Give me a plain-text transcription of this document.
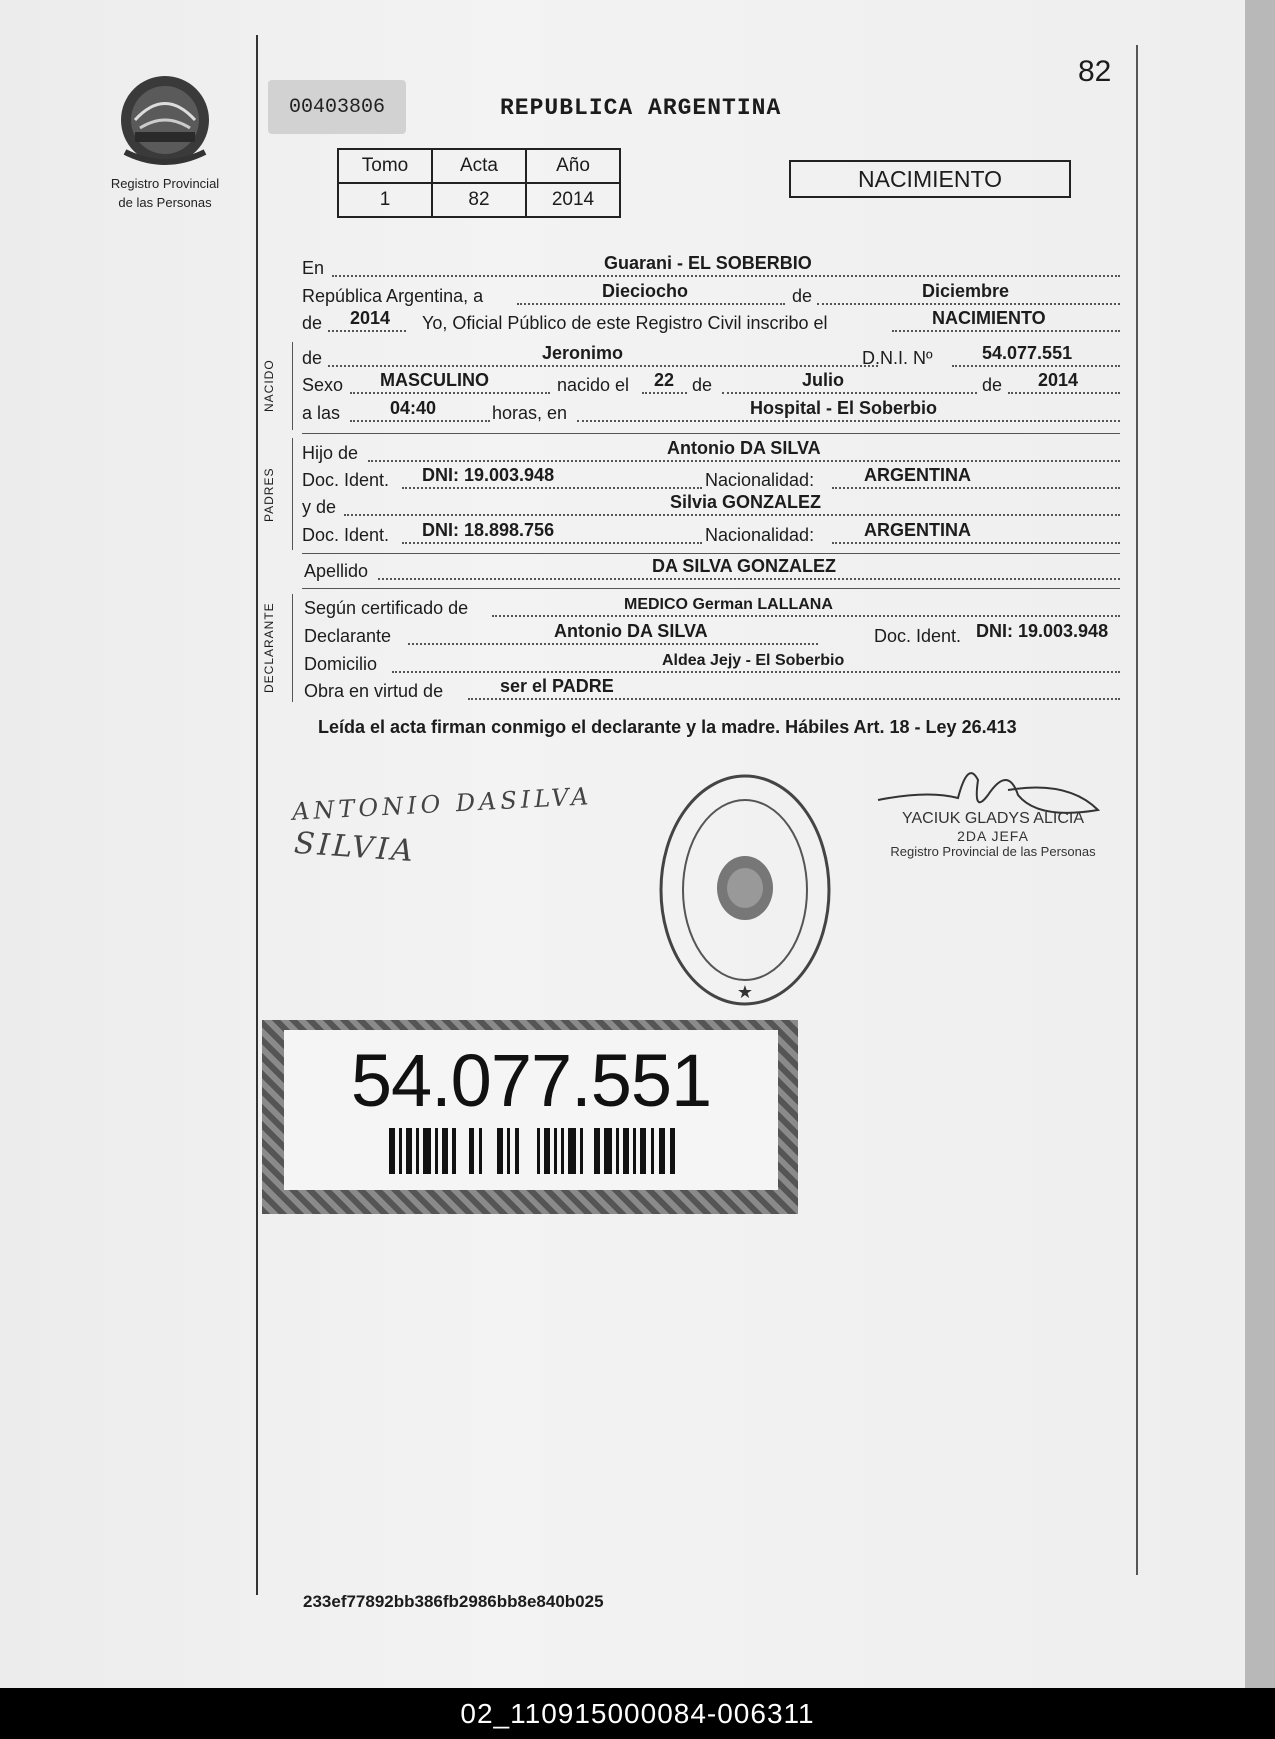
Registro Provincial
de las Personas
00403806	REPUBLICA ARGENTINA
82
Tomo	Acta	Año
1	82	2014
NACIMIENTO
En	Guarani - EL SOBERBIO
República Argentina, a	Dieciocho	de	Diciembre
de 2014 Yo, Oficial Público de este Registro Civil inscribo el	NACIMIENTO
NACIDO
de	Jeronimo	D.N.I. Nº	54.077.551
Sexo MASCULINO	nacido el 22 de	Julio	de 2014
a las	04:40	horas, en	Hospital - El Soberbio
PADRES
Hijo de	Antonio DA SILVA
Doc. Ident. DNI: 19.003.948	Nacionalidad:	ARGENTINA
y de	Silvia GONZALEZ
Doc. Ident. DNI: 18.898.756	Nacionalidad:	ARGENTINA
Apellido	DA SILVA GONZALEZ
DECLARANTE	Según certificado de	MEDICO German LALLANA
Declarante	Antonio DA SILVA	Doc. Ident. DNI: 19.003.948
Domicilio	Aldea Jejy - El Soberbio
Obra en virtud de	ser el PADRE
Leída el acta firman conmigo el declarante y la madre. Hábiles Art. 18 - Ley 26.413
ANTONIO DASILVA
SILVIA
★
YACIUK GLADYS ALICIA
2DA JEFA
Registro Provincial de las Personas
54.077.551
233ef77892bb386fb2986bb8e840b025
02_110915000084-006311
